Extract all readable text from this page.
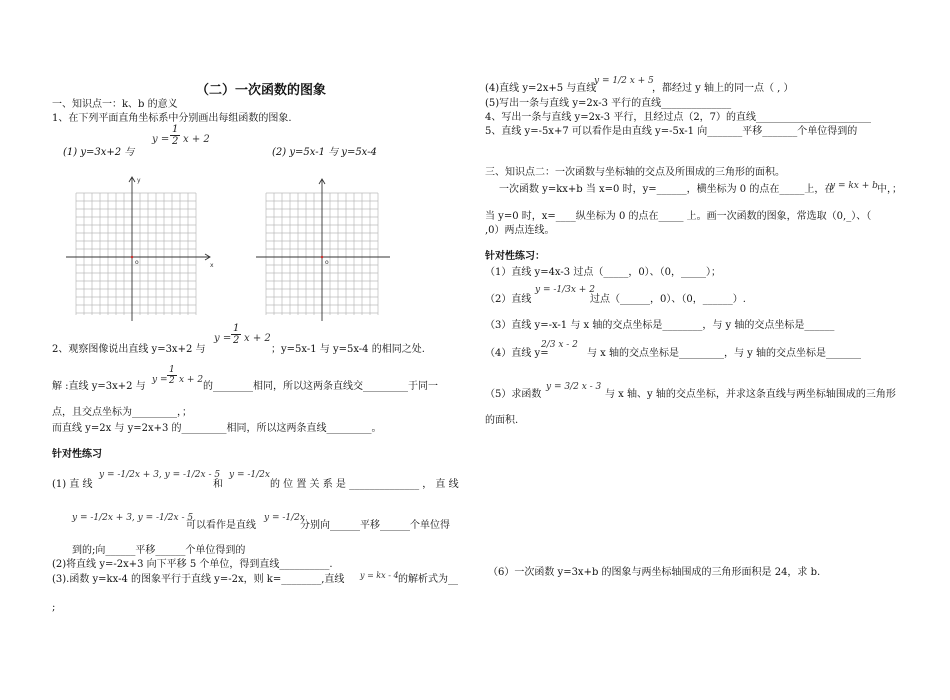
（二）一次函数的图象
一、知识点一：k、b 的意义
1、在下列平面直角坐标系中分别画出每组函数的图象.
$y = \frac{1}{2}$ x + 2
(1) y=3x+2 与	(2) y=5x-1 与 y=5x-4
y
x
o	o
2、观察图像说出直线 y=3x+2 与
$y = \frac{1}{2}$ x + 2
；y=5x-1 与 y=5x-4 的相同之处.
解 :直线 y=3x+2 与
$y = \frac{1}{2}$ x + 2
的________相同，所以这两条直线交_________于同一
点，且交点坐标为_________，；
而直线 y=2x 与 y=2x+3 的_________相同，所以这两条直线_________。
针对性练习
(1) 直 线
y = -1/2x + 3, y = -1/2x - 5
和
y = -1/2x
的 位 置 关 系 是 ______________ ， 直 线
y = -1/2x + 3, y = -1/2x - 5
可以看作是直线
y = -1/2x
分别向______平移______个单位得
到的;向______平移______个单位得到的
(2)将直线 y=-2x+3 向下平移 5 个单位，得到直线__________.
(3).函数 y=kx-4 的图象平行于直线 y=-2x，则 k=________,直线 y = kx - 4 的解析式为__
;
(4)直线 y=2x+5 与直线
y = 1/2 x + 5
，都经过 y 轴上的同一点（ , ）
(5)写出一条与直线 y=2x-3 平行的直线______________
4、写出一条与直线 y=2x-3 平行，且经过点（2，7）的直线_______________________
5、直线 y=-5x+7 可以看作是由直线 y=-5x-1 向_______平移_______个单位得到的
三、知识点二：一次函数与坐标轴的交点及所围成的三角形的面积。
一次函数 y=kx+b 当 x=0 时，y=______，横坐标为 0 的点在_____上，在
y = kx + b 中，；
当 y=0 时，x=____纵坐标为 0 的点在_____ 上。画一次函数的图象，常选取（0,_）、（
,0）两点连线。
针对性练习：
（1）直线 y=4x-3 过点（_____，0）、（0，_____）；
（2）直线
y = -1/3x + 2
过点（______，0）、（0，______）.
（3）直线 y=-x-1 与 x 轴的交点坐标是________，与 y 轴的交点坐标是______
（4）直线 y=
2/3 x - 2
与 x 轴的交点坐标是_________，与 y 轴的交点坐标是_______
（5）求函数
y = 3/2 x - 3
与 x 轴、y 轴的交点坐标，并求这条直线与两坐标轴围成的三角形
的面积.
（6）一次函数 y=3x+b 的图象与两坐标轴围成的三角形面积是 24，求 b.
